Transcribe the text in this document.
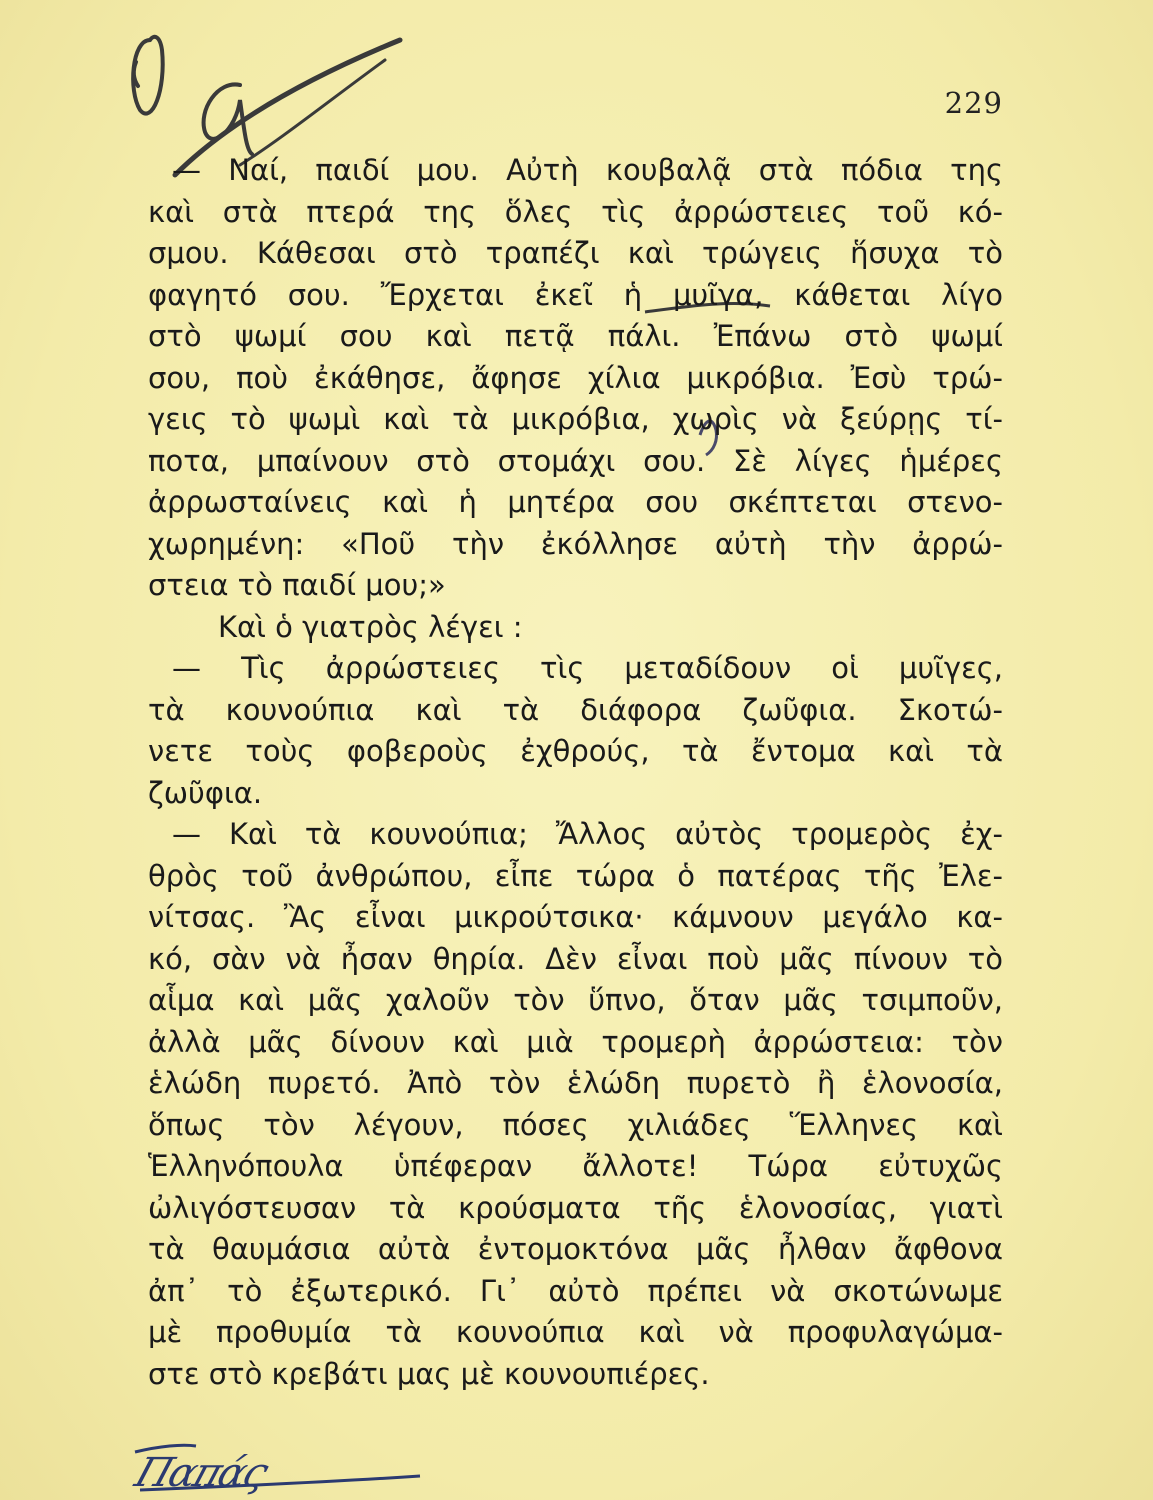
229
— Ναί, παιδί μου. Αὐτὴ κουβαλᾷ στὰ πόδια της
καὶ στὰ πτερά της ὅλες τὶς ἀρρώστειες τοῦ κό-
σμου. Κάθεσαι στὸ τραπέζι καὶ τρώγεις ἥσυχα τὸ
φαγητό σου. Ἔρχεται ἐκεῖ ἡ μυῖγα, κάθεται λίγο
στὸ ψωμί σου καὶ πετᾷ πάλι. Ἐπάνω στὸ ψωμί
σου, ποὺ ἐκάθησε, ἄφησε χίλια μικρόβια. Ἐσὺ τρώ-
γεις τὸ ψωμὶ καὶ τὰ μικρόβια, χωρὶς νὰ ξεύρῃς τί-
ποτα, μπαίνουν στὸ στομάχι σου. Σὲ λίγες ἡμέρες
ἀρρωσταίνεις καὶ ἡ μητέρα σου σκέπτεται στενο-
χωρημένη: «Ποῦ τὴν ἐκόλλησε αὐτὴ τὴν ἀρρώ-
στεια τὸ παιδί μου;»
Καὶ ὁ γιατρὸς λέγει :
— Τὶς ἀρρώστειες τὶς μεταδίδουν οἱ μυῖγες,
τὰ κουνούπια καὶ τὰ διάφορα ζωῦφια. Σκοτώ-
νετε τοὺς φοβεροὺς ἐχθρούς, τὰ ἔντομα καὶ τὰ
ζωῦφια.
— Καὶ τὰ κουνούπια; Ἄλλος αὐτὸς τρομερὸς ἐχ-
θρὸς τοῦ ἀνθρώπου, εἶπε τώρα ὁ πατέρας τῆς Ἐλε-
νίτσας. Ἂς εἶναι μικρούτσικα· κάμνουν μεγάλο κα-
κό, σὰν νὰ ἦσαν θηρία. Δὲν εἶναι ποὺ μᾶς πίνουν τὸ
αἷμα καὶ μᾶς χαλοῦν τὸν ὕπνο, ὅταν μᾶς τσιμποῦν,
ἀλλὰ μᾶς δίνουν καὶ μιὰ τρομερὴ ἀρρώστεια: τὸν
ἑλώδη πυρετό. Ἀπὸ τὸν ἑλώδη πυρετὸ ἢ ἑλονοσία,
ὅπως τὸν λέγουν, πόσες χιλιάδες Ἕλληνες καὶ
Ἑλληνόπουλα ὑπέφεραν ἄλλοτε! Τώρα εὐτυχῶς
ὠλιγόστευσαν τὰ κρούσματα τῆς ἑλονοσίας, γιατὶ
τὰ θαυμάσια αὐτὰ ἐντομοκτόνα μᾶς ἦλθαν ἄφθονα
ἀπ᾽ τὸ ἐξωτερικό. Γι᾽ αὐτὸ πρέπει νὰ σκοτώνωμε
μὲ προθυμία τὰ κουνούπια καὶ νὰ προφυλαγώμα-
στε στὸ κρεβάτι μας μὲ κουνουπιέρες.
Παπάς
